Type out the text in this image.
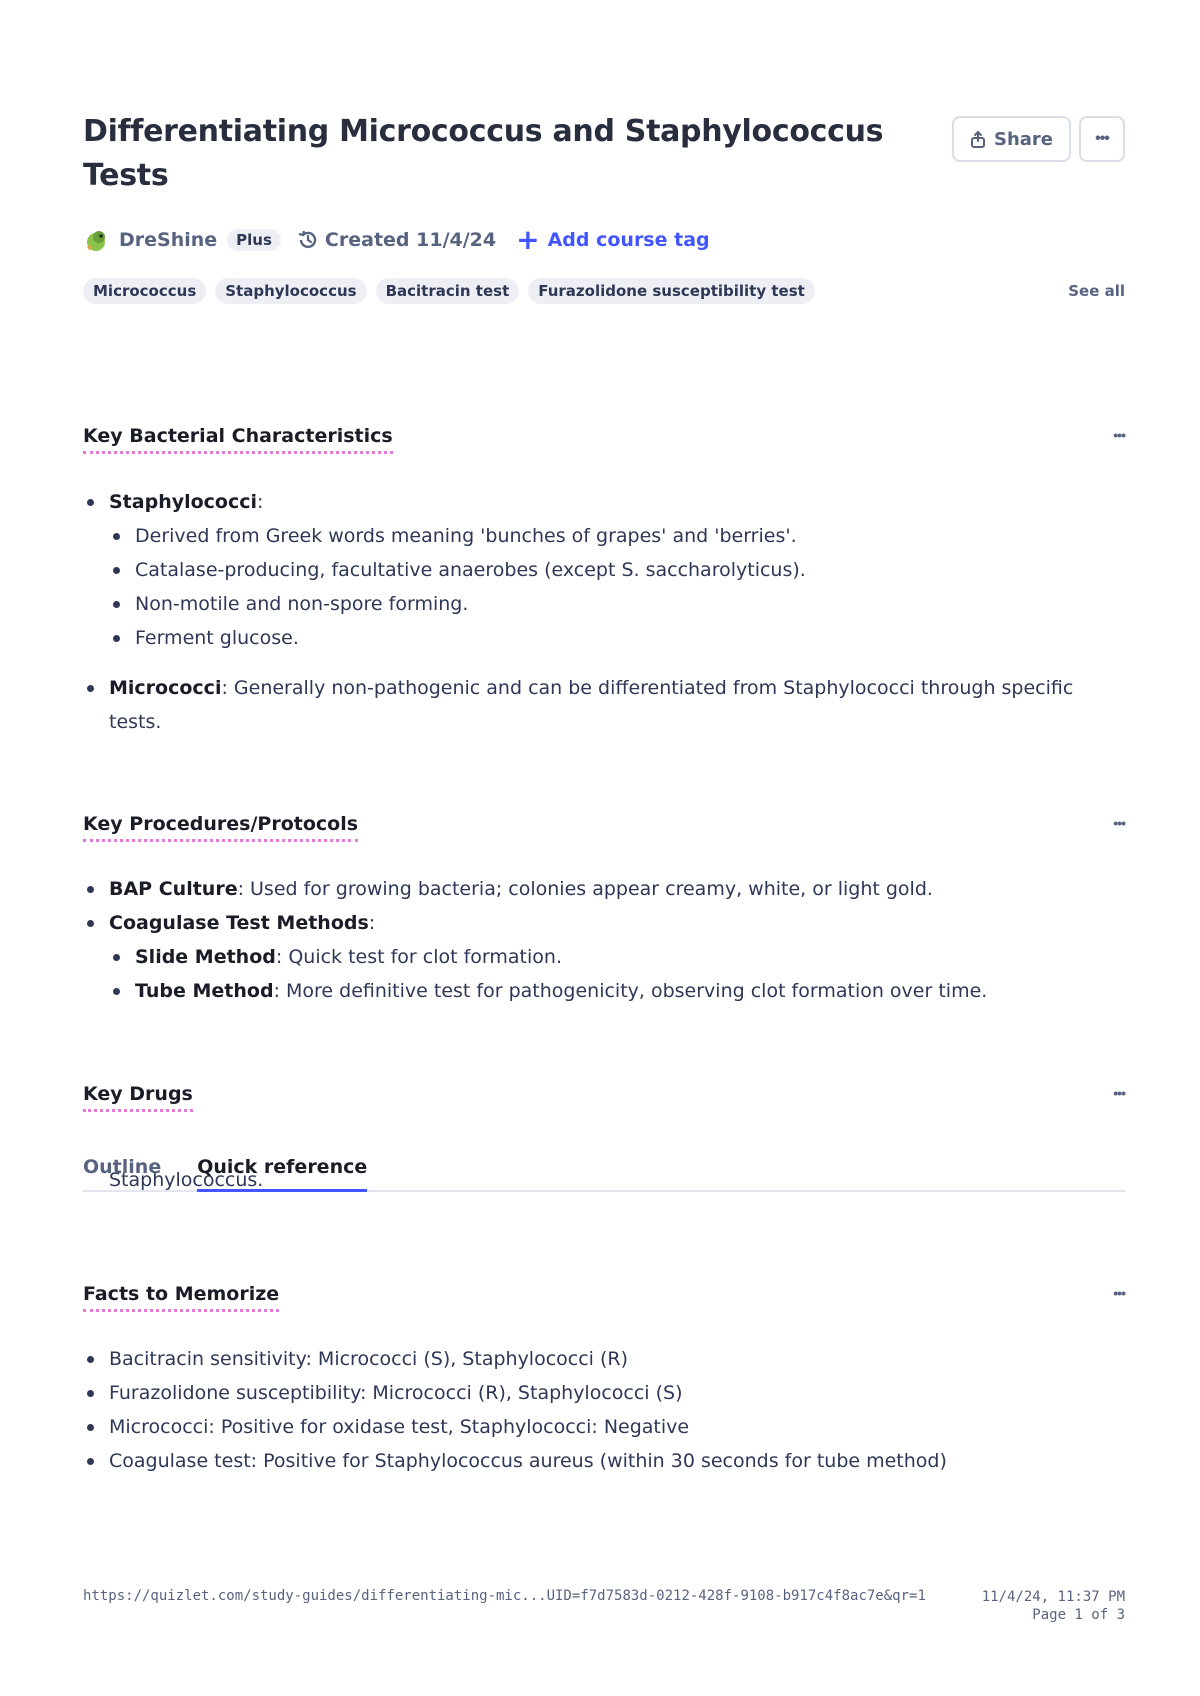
Differentiating Micrococcus and Staphylococcus Tests
Share	•••
DreShine	Plus	Created 11/4/24 + Add course tag
Micrococcus	Staphylococcus	Bacitracin test	Furazolidone susceptibility test	See all
Key Bacterial Characteristics	•••
Staphylococci:
Derived from Greek words meaning 'bunches of grapes' and 'berries'.
Catalase-producing, facultative anaerobes (except S. saccharolyticus).
Non-motile and non-spore forming.
Ferment glucose.
Micrococci: Generally non-pathogenic and can be differentiated from Staphylococci through specific tests.
Key Procedures/Protocols	•••
BAP Culture: Used for growing bacteria; colonies appear creamy, white, or light gold.
Coagulase Test Methods:
Slide Method: Quick test for clot formation.
Tube Method: More definitive test for pathogenicity, observing clot formation over time.
Key Drugs	•••
Staphylococcus.
Outline Quick reference
Facts to Memorize	•••
Bacitracin sensitivity: Micrococci (S), Staphylococci (R)
Furazolidone susceptibility: Micrococci (R), Staphylococci (S)
Micrococci: Positive for oxidase test, Staphylococci: Negative
Coagulase test: Positive for Staphylococcus aureus (within 30 seconds for tube method)
https://quizlet.com/study-guides/differentiating-mic...UID=f7d7583d-0212-428f-9108-b917c4f8ac7e&qr=1	11/4/24, 11:37 PM
Page 1 of 3
